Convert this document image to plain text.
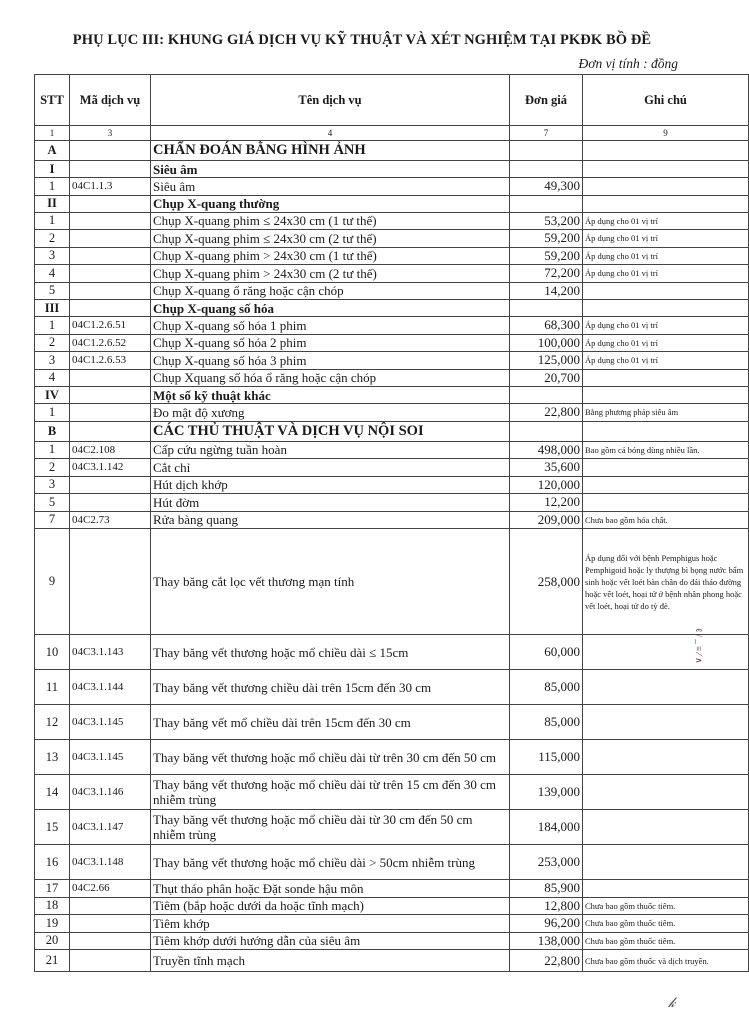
PHỤ LỤC III: KHUNG GIÁ DỊCH VỤ KỸ THUẬT VÀ XÉT NGHIỆM TẠI PKĐK BỒ ĐỀ
Đơn vị tính : đồng
STT	Mã dịch vụ	Tên dịch vụ	Đơn giá	Ghi chú
1	3	4	7	9
A		CHẨN ĐOÁN BẰNG HÌNH ẢNH		
I		Siêu âm		
1	04C1.1.3	Siêu âm	49,300	
II		Chụp X-quang thường		
1		Chụp X-quang phim ≤ 24x30 cm (1 tư thế)	53,200	Áp dụng cho 01 vị trí
2		Chụp X-quang phim ≤ 24x30 cm (2 tư thế)	59,200	Áp dụng cho 01 vị trí
3		Chụp X-quang phim > 24x30 cm (1 tư thế)	59,200	Áp dụng cho 01 vị trí
4		Chụp X-quang phim > 24x30 cm (2 tư thế)	72,200	Áp dụng cho 01 vị trí
5		Chụp X-quang ổ răng hoặc cận chóp	14,200	
III		Chụp X-quang số hóa		
1	04C1.2.6.51	Chụp X-quang số hóa 1 phim	68,300	Áp dụng cho 01 vị trí
2	04C1.2.6.52	Chụp X-quang số hóa 2 phim	100,000	Áp dụng cho 01 vị trí
3	04C1.2.6.53	Chụp X-quang số hóa 3 phim	125,000	Áp dụng cho 01 vị trí
4		Chụp Xquang số hóa ổ răng hoặc cận chóp	20,700	
IV		Một số kỹ thuật khác		
1		Đo mật độ xương	22,800	Bằng phương pháp siêu âm
B		CÁC THỦ THUẬT VÀ DỊCH VỤ NỘI SOI		
1	04C2.108	Cấp cứu ngừng tuần hoàn	498,000	Bao gồm cả bóng dùng nhiều lần.
2	04C3.1.142	Cắt chỉ	35,600	
3		Hút dịch khớp	120,000	
5		Hút đờm	12,200	
7	04C2.73	Rửa bàng quang	209,000	Chưa bao gồm hóa chất.
9		Thay băng cắt lọc vết thương mạn tính	258,000	Áp dụng đối với bệnh Pemphigus hoặc Pemphigoid hoặc ly thượng bì bọng nước bẩm sinh hoặc vết loét bàn chân do đái tháo đường hoặc vết loét, hoại tử ở bệnh nhân phong hoặc vết loét, hoại tử do tỳ đè.
10	04C3.1.143	Thay băng vết thương hoặc mổ chiều dài ≤ 15cm	60,000	
11	04C3.1.144	Thay băng vết thương chiều dài trên 15cm đến 30 cm	85,000	
12	04C3.1.145	Thay băng vết mổ chiều dài trên 15cm đến 30 cm	85,000	
13	04C3.1.145	Thay băng vết thương hoặc mổ chiều dài từ trên 30 cm đến 50 cm	115,000	
14	04C3.1.146	Thay băng vết thương hoặc mổ chiều dài từ trên 15 cm đến 30 cm nhiễm trùng	139,000	
15	04C3.1.147	Thay băng vết thương hoặc mổ chiều dài từ 30 cm đến 50 cm nhiễm trùng	184,000	
16	04C3.1.148	Thay băng vết thương hoặc mổ chiều dài > 50cm nhiễm trùng	253,000	
17	04C2.66	Thụt tháo phân hoặc Đặt sonde hậu môn	85,900	
18		Tiêm (bắp hoặc dưới da hoặc tĩnh mạch)	12,800	Chưa bao gồm thuốc tiêm.
19		Tiêm khớp	96,200	Chưa bao gồm thuốc tiêm.
20		Tiêm khớp dưới hướng dẫn của siêu âm	138,000	Chưa bao gồm thuốc tiêm.
21		Truyền tĩnh mạch	22,800	Chưa bao gồm thuốc và dịch truyền.
ℓ / _ ≡ ⁄ ∧
𝓀
